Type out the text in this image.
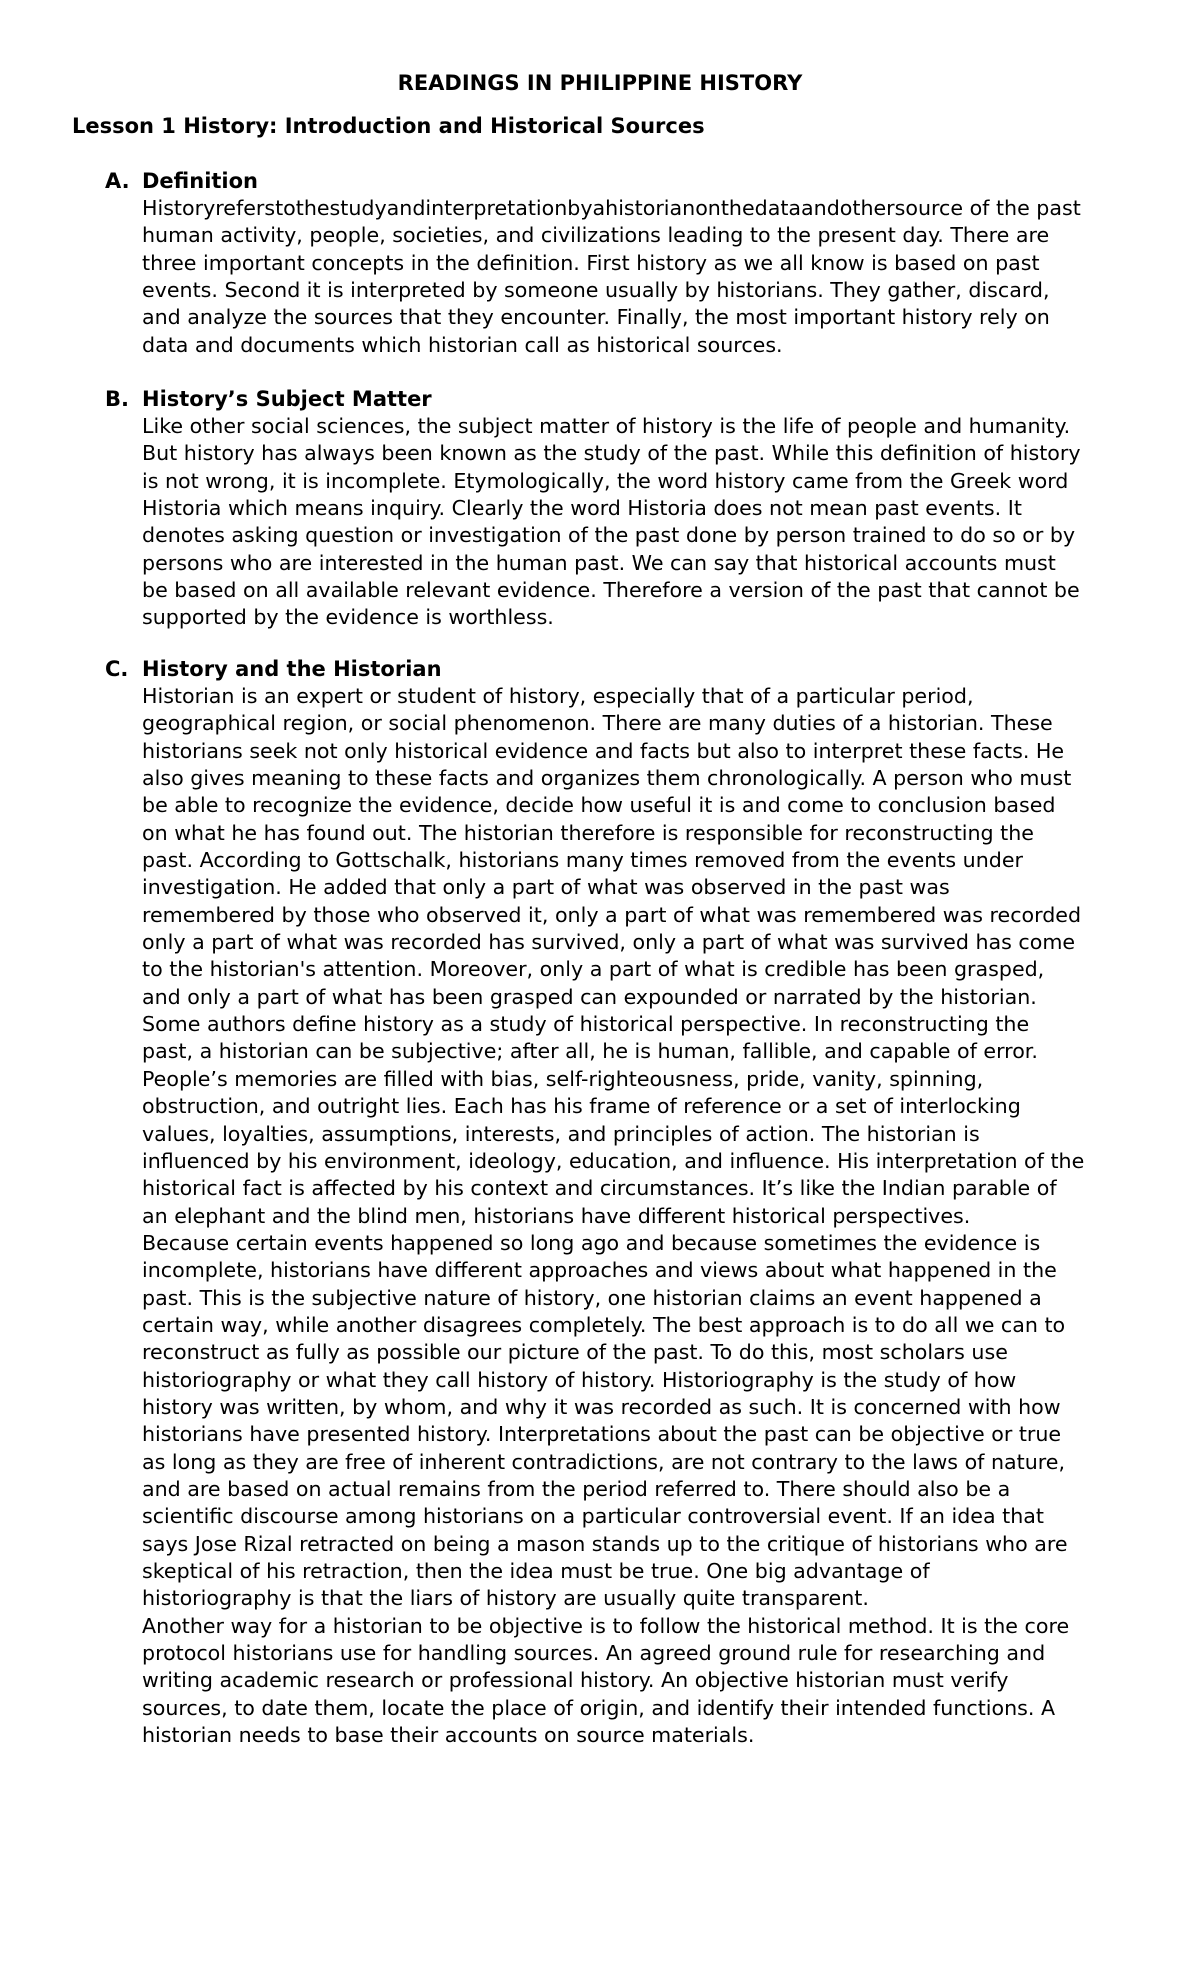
READINGS IN PHILIPPINE HISTORY
Lesson 1 History: Introduction and Historical Sources
A. Definition

Historyreferstothestudyandinterpretationbyahistorianonthedataandothersource of the past
human activity, people, societies, and civilizations leading to the present day. There are
three important concepts in the definition. First history as we all know is based on past
events. Second it is interpreted by someone usually by historians. They gather, discard,
and analyze the sources that they encounter. Finally, the most important history rely on
data and documents which historian call as historical sources.

B. History’s Subject Matter

Like other social sciences, the subject matter of history is the life of people and humanity.
But history has always been known as the study of the past. While this definition of history
is not wrong, it is incomplete. Etymologically, the word history came from the Greek word
Historia which means inquiry. Clearly the word Historia does not mean past events. It
denotes asking question or investigation of the past done by person trained to do so or by
persons who are interested in the human past. We can say that historical accounts must
be based on all available relevant evidence. Therefore a version of the past that cannot be
supported by the evidence is worthless.

C. History and the Historian

Historian is an expert or student of history, especially that of a particular period,
geographical region, or social phenomenon. There are many duties of a historian. These
historians seek not only historical evidence and facts but also to interpret these facts. He
also gives meaning to these facts and organizes them chronologically. A person who must
be able to recognize the evidence, decide how useful it is and come to conclusion based
on what he has found out. The historian therefore is responsible for reconstructing the
past. According to Gottschalk, historians many times removed from the events under
investigation. He added that only a part of what was observed in the past was
remembered by those who observed it, only a part of what was remembered was recorded
only a part of what was recorded has survived, only a part of what was survived has come
to the historian's attention. Moreover, only a part of what is credible has been grasped,
and only a part of what has been grasped can expounded or narrated by the historian.
Some authors define history as a study of historical perspective. In reconstructing the
past, a historian can be subjective; after all, he is human, fallible, and capable of error.
People’s memories are filled with bias, self-righteousness, pride, vanity, spinning,
obstruction, and outright lies. Each has his frame of reference or a set of interlocking
values, loyalties, assumptions, interests, and principles of action. The historian is
influenced by his environment, ideology, education, and influence. His interpretation of the
historical fact is affected by his context and circumstances. It’s like the Indian parable of
an elephant and the blind men, historians have different historical perspectives.
Because certain events happened so long ago and because sometimes the evidence is
incomplete, historians have different approaches and views about what happened in the
past. This is the subjective nature of history, one historian claims an event happened a
certain way, while another disagrees completely. The best approach is to do all we can to
reconstruct as fully as possible our picture of the past. To do this, most scholars use
historiography or what they call history of history. Historiography is the study of how
history was written, by whom, and why it was recorded as such. It is concerned with how
historians have presented history. Interpretations about the past can be objective or true
as long as they are free of inherent contradictions, are not contrary to the laws of nature,
and are based on actual remains from the period referred to. There should also be a
scientific discourse among historians on a particular controversial event. If an idea that
says Jose Rizal retracted on being a mason stands up to the critique of historians who are
skeptical of his retraction, then the idea must be true. One big advantage of
historiography is that the liars of history are usually quite transparent.
Another way for a historian to be objective is to follow the historical method. It is the core
protocol historians use for handling sources. An agreed ground rule for researching and
writing academic research or professional history. An objective historian must verify
sources, to date them, locate the place of origin, and identify their intended functions. A
historian needs to base their accounts on source materials.
